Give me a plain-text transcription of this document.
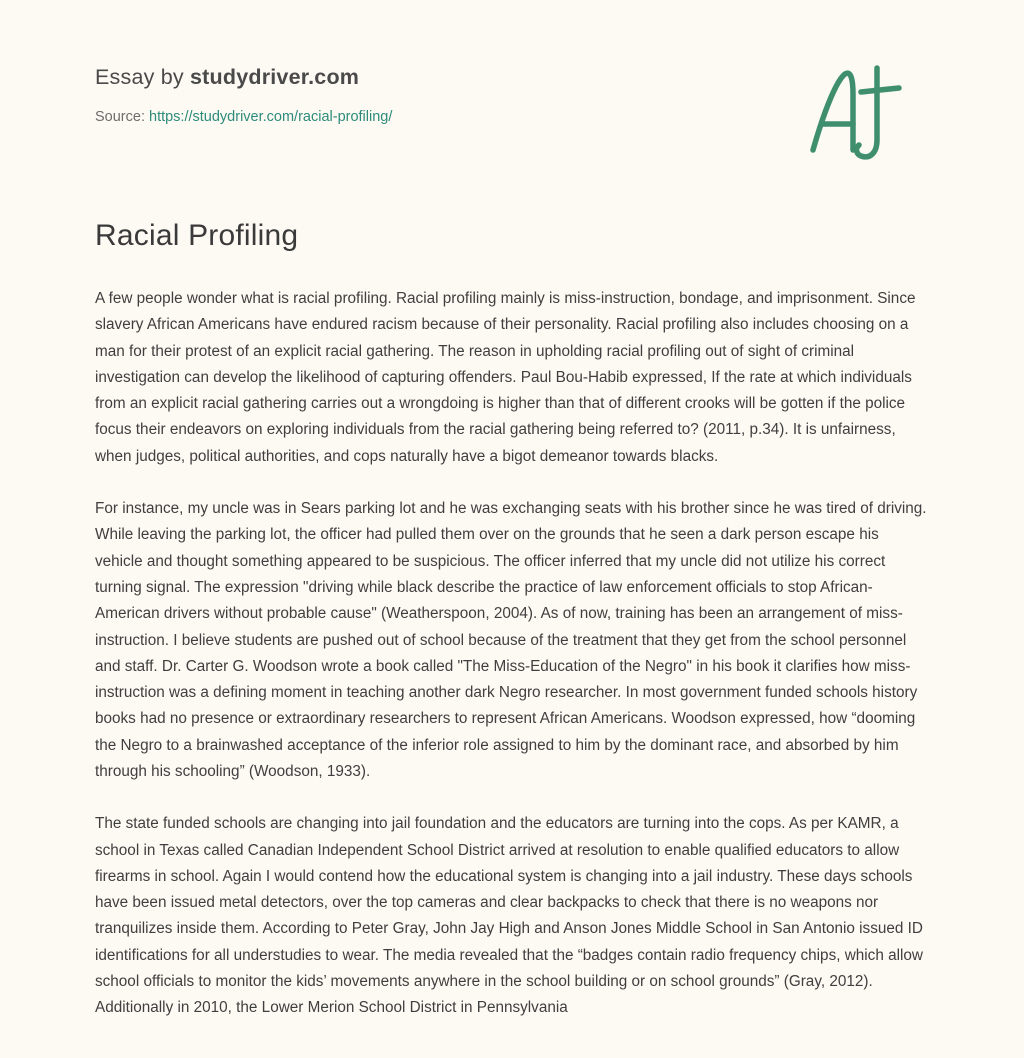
Essay by studydriver.com
Source: https://studydriver.com/racial-profiling/
Racial Profiling

A few people wonder what is racial profiling. Racial profiling mainly is miss-instruction, bondage, and imprisonment. Since slavery African Americans have endured racism because of their personality. Racial profiling also includes choosing on a man for their protest of an explicit racial gathering. The reason in upholding racial profiling out of sight of criminal investigation can develop the likelihood of capturing offenders. Paul Bou-Habib expressed, If the rate at which individuals from an explicit racial gathering carries out a wrongdoing is higher than that of different crooks will be gotten if the police focus their endeavors on exploring individuals from the racial gathering being referred to? (2011, p.34). It is unfairness, when judges, political authorities, and cops naturally have a bigot demeanor towards blacks.

For instance, my uncle was in Sears parking lot and he was exchanging seats with his brother since he was tired of driving. While leaving the parking lot, the officer had pulled them over on the grounds that he seen a dark person escape his vehicle and thought something appeared to be suspicious. The officer inferred that my uncle did not utilize his correct turning signal. The expression "driving while black describe the practice of law enforcement officials to stop African-American drivers without probable cause" (Weatherspoon, 2004). As of now, training has been an arrangement of miss-instruction. I believe students are pushed out of school because of the treatment that they get from the school personnel and staff. Dr. Carter G. Woodson wrote a book called "The Miss-Education of the Negro" in his book it clarifies how miss-instruction was a defining moment in teaching another dark Negro researcher. In most government funded schools history books had no presence or extraordinary researchers to represent African Americans. Woodson expressed, how “dooming the Negro to a brainwashed acceptance of the inferior role assigned to him by the dominant race, and absorbed by him through his schooling” (Woodson, 1933).

The state funded schools are changing into jail foundation and the educators are turning into the cops. As per KAMR, a school in Texas called Canadian Independent School District arrived at resolution to enable qualified educators to allow firearms in school. Again I would contend how the educational system is changing into a jail industry. These days schools have been issued metal detectors, over the top cameras and clear backpacks to check that there is no weapons nor tranquilizes inside them. According to Peter Gray, John Jay High and Anson Jones Middle School in San Antonio issued ID identifications for all understudies to wear. The media revealed that the “badges contain radio frequency chips, which allow school officials to monitor the kids’ movements anywhere in the school building or on school grounds” (Gray, 2012). Additionally in 2010, the Lower Merion School District in Pennsylvania
